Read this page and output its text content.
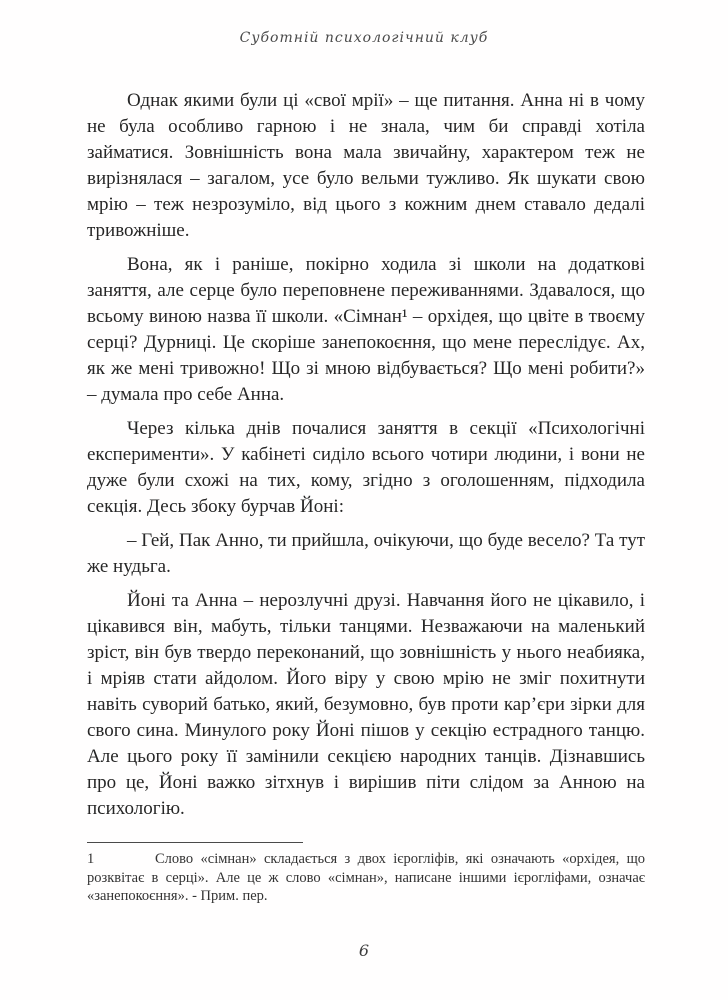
Суботній психологічний клуб

Однак якими були ці «свої мрії» – ще питання. Анна ні в чому не була особливо гарною і не знала, чим би справді хотіла займатися. Зовнішність вона мала звичайну, характером теж не вирізнялася – загалом, усе було вельми тужливо. Як шукати свою мрію – теж незрозуміло, від цього з кожним днем ставало дедалі тривожніше.

Вона, як і раніше, покірно ходила зі школи на додаткові заняття, але серце було переповнене переживаннями. Здавалося, що всьому виною назва її школи. «Сімнан¹ – орхідея, що цвіте в твоєму серці? Дурниці. Це скоріше занепокоєння, що мене переслідує. Ах, як же мені тривожно! Що зі мною відбувається? Що мені робити?» – думала про себе Анна.

Через кілька днів почалися заняття в секції «Психологічні експерименти». У кабінеті сиділо всього чотири людини, і вони не дуже були схожі на тих, кому, згідно з оголошенням, підходила секція. Десь збоку бурчав Йоні:

– Гей, Пак Анно, ти прийшла, очікуючи, що буде весело? Та тут же нудьга.

Йоні та Анна – нерозлучні друзі. Навчання його не цікавило, і цікавився він, мабуть, тільки танцями. Незважаючи на маленький зріст, він був твердо переконаний, що зовнішність у нього неабияка, і мріяв стати айдолом. Його віру у свою мрію не зміг похитнути навіть суворий батько, який, безумовно, був проти кар’єри зірки для свого сина. Минулого року Йоні пішов у секцію естрадного танцю. Але цього року її замінили секцією народних танців. Дізнавшись про це, Йоні важко зітхнув і вирішив піти слідом за Анною на психологію.

1	Слово «сімнан» складається з двох ієрогліфів, які означають «орхідея, що розквітає в серці». Але це ж слово «сімнан», написане іншими ієрогліфами, означає «занепокоєння». - Прим. пер.
6
